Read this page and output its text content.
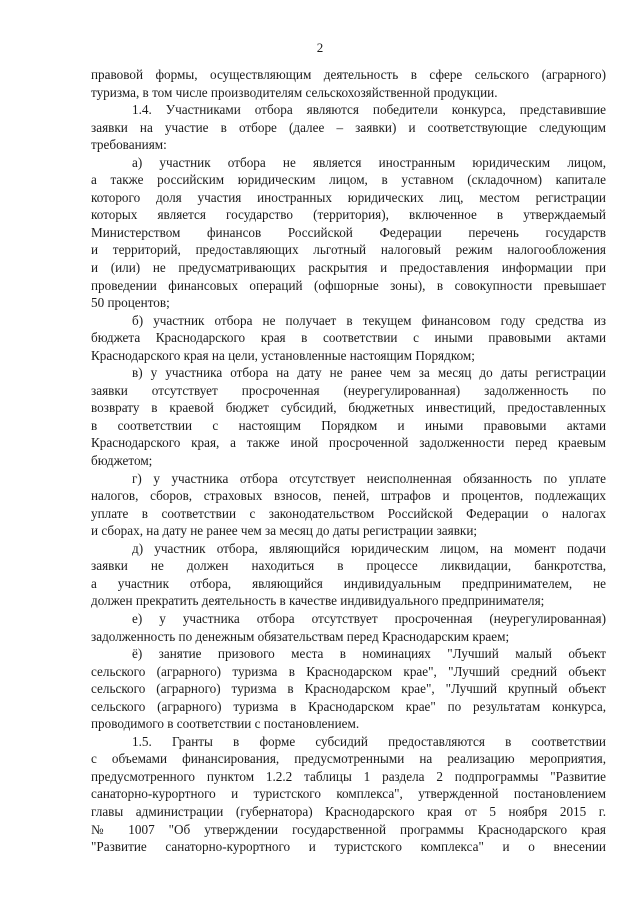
2
правовой формы, осуществляющим деятельность в сфере сельского (аграрного)
туризма, в том числе производителям сельскохозяйственной продукции.
1.4. Участниками отбора являются победители конкурса, представившие
заявки на участие в отборе (далее – заявки) и соответствующие следующим
требованиям:
а) участник отбора не является иностранным юридическим лицом,
а также российским юридическим лицом, в уставном (складочном) капитале
которого доля участия иностранных юридических лиц, местом регистрации
которых является государство (территория), включенное в утверждаемый
Министерством финансов Российской Федерации перечень государств
и территорий, предоставляющих льготный налоговый режим налогообложения
и (или) не предусматривающих раскрытия и предоставления информации при
проведении финансовых операций (офшорные зоны), в совокупности превышает
50 процентов;
б) участник отбора не получает в текущем финансовом году средства из
бюджета Краснодарского края в соответствии с иными правовыми актами
Краснодарского края на цели, установленные настоящим Порядком;
в) у участника отбора на дату не ранее чем за месяц до даты регистрации
заявки отсутствует просроченная (неурегулированная) задолженность по
возврату в краевой бюджет субсидий, бюджетных инвестиций, предоставленных
в соответствии с настоящим Порядком и иными правовыми актами
Краснодарского края, а также иной просроченной задолженности перед краевым
бюджетом;
г) у участника отбора отсутствует неисполненная обязанность по уплате
налогов, сборов, страховых взносов, пеней, штрафов и процентов, подлежащих
уплате в соответствии с законодательством Российской Федерации о налогах
и сборах, на дату не ранее чем за месяц до даты регистрации заявки;
д) участник отбора, являющийся юридическим лицом, на момент подачи
заявки не должен находиться в процессе ликвидации, банкротства,
а участник отбора, являющийся индивидуальным предпринимателем, не
должен прекратить деятельность в качестве индивидуального предпринимателя;
е) у участника отбора отсутствует просроченная (неурегулированная)
задолженность по денежным обязательствам перед Краснодарским краем;
ё) занятие призового места в номинациях "Лучший малый объект
сельского (аграрного) туризма в Краснодарском крае", "Лучший средний объект
сельского (аграрного) туризма в Краснодарском крае", "Лучший крупный объект
сельского (аграрного) туризма в Краснодарском крае" по результатам конкурса,
проводимого в соответствии с постановлением.
1.5. Гранты в форме субсидий предоставляются в соответствии
с объемами финансирования, предусмотренными на реализацию мероприятия,
предусмотренного пунктом 1.2.2 таблицы 1 раздела 2 подпрограммы "Развитие
санаторно-курортного и туристского комплекса", утвержденной постановлением
главы администрации (губернатора) Краснодарского края от 5 ноября 2015 г.
№ 1007 "Об утверждении государственной программы Краснодарского края
"Развитие санаторно-курортного и туристского комплекса" и о внесении
